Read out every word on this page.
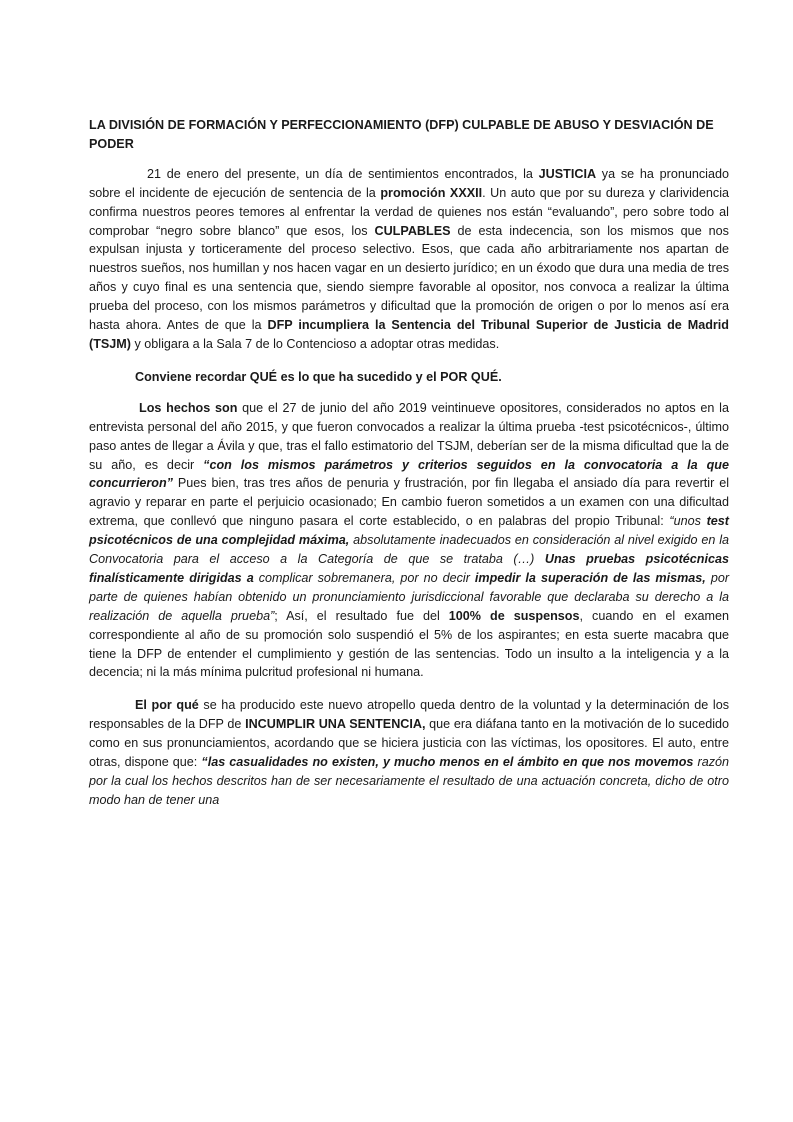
LA DIVISIÓN DE FORMACIÓN Y PERFECCIONAMIENTO (DFP) CULPABLE DE ABUSO Y DESVIACIÓN DE PODER

21 de enero del presente, un día de sentimientos encontrados, la JUSTICIA ya se ha pronunciado sobre el incidente de ejecución de sentencia de la promoción XXXII. Un auto que por su dureza y clarividencia confirma nuestros peores temores al enfrentar la verdad de quienes nos están “evaluando”, pero sobre todo al comprobar “negro sobre blanco” que esos, los CULPABLES de esta indecencia, son los mismos que nos expulsan injusta y torticeramente del proceso selectivo. Esos, que cada año arbitrariamente nos apartan de nuestros sueños, nos humillan y nos hacen vagar en un desierto jurídico; en un éxodo que dura una media de tres años y cuyo final es una sentencia que, siendo siempre favorable al opositor, nos convoca a realizar la última prueba del proceso, con los mismos parámetros y dificultad que la promoción de origen o por lo menos así era hasta ahora. Antes de que la DFP incumpliera la Sentencia del Tribunal Superior de Justicia de Madrid (TSJM) y obligara a la Sala 7 de lo Contencioso a adoptar otras medidas.

Conviene recordar QUÉ es lo que ha sucedido y el POR QUÉ.

Los hechos son que el 27 de junio del año 2019 veintinueve opositores, considerados no aptos en la entrevista personal del año 2015, y que fueron convocados a realizar la última prueba -test psicotécnicos-, último paso antes de llegar a Ávila y que, tras el fallo estimatorio del TSJM, deberían ser de la misma dificultad que la de su año, es decir “con los mismos parámetros y criterios seguidos en la convocatoria a la que concurrieron” Pues bien, tras tres años de penuria y frustración, por fin llegaba el ansiado día para revertir el agravio y reparar en parte el perjuicio ocasionado; En cambio fueron sometidos a un examen con una dificultad extrema, que conllevó que ninguno pasara el corte establecido, o en palabras del propio Tribunal: “unos test psicotécnicos de una complejidad máxima, absolutamente inadecuados en consideración al nivel exigido en la Convocatoria para el acceso a la Categoría de que se trataba (…) Unas pruebas psicotécnicas finalísticamente dirigidas a complicar sobremanera, por no decir impedir la superación de las mismas, por parte de quienes habían obtenido un pronunciamiento jurisdiccional favorable que declaraba su derecho a la realización de aquella prueba”; Así, el resultado fue del 100% de suspensos, cuando en el examen correspondiente al año de su promoción solo suspendió el 5% de los aspirantes; en esta suerte macabra que tiene la DFP de entender el cumplimiento y gestión de las sentencias. Todo un insulto a la inteligencia y a la decencia; ni la más mínima pulcritud profesional ni humana.

El por qué se ha producido este nuevo atropello queda dentro de la voluntad y la determinación de los responsables de la DFP de INCUMPLIR UNA SENTENCIA, que era diáfana tanto en la motivación de lo sucedido como en sus pronunciamientos, acordando que se hiciera justicia con las víctimas, los opositores. El auto, entre otras, dispone que: “las casualidades no existen, y mucho menos en el ámbito en que nos movemos razón por la cual los hechos descritos han de ser necesariamente el resultado de una actuación concreta, dicho de otro modo han de tener una
